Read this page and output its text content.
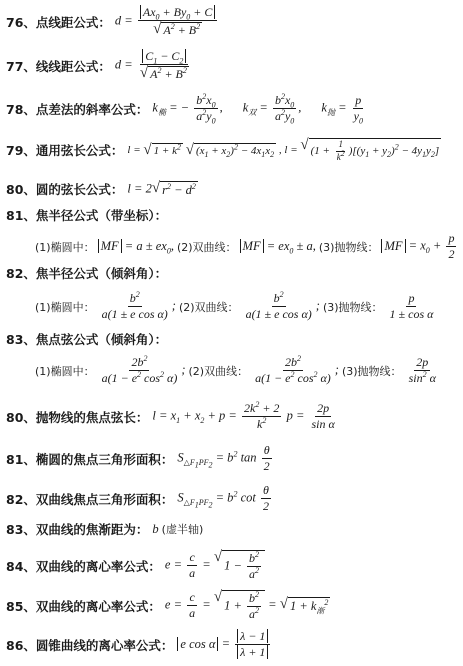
76、 点线距公式： $d = \frac{Ax_0 + By_0 + C}{√ A^2 + B^2}$
77、 线线距公式： $d = \frac{C_1 - C_2}{√ A^2 + B^2}$
78、 点差法的斜率公式： $k_椭$ = − $\frac{b^2x_0}{a^2y_0}$ , $k_双 = \frac{b^2x_0}{a^2y_0}$ , $k_抛 = \frac{p}{y_0}$
79、 通用弦长公式： l = √ $1 + k^2$
√ $(x_1 + x_2)^2 - 4x_1x_2$ , l = √ $(1 + \frac{1}{k^2} )[(y_1 + y_2)^2 - 4y_1y_2]$
80、 圆的弦长公式： l = 2 √ $r^2 - d^2$
81、 焦半径公式（带坐标）：
(1)椭圆中： MF = $a \pm ex_0$, (2)双曲线： MF = $ex_0 \pm a$, (3)抛物线： MF = $x_0 + \frac{p}{2}$
82、 焦半径公式（倾斜角）：
(1)椭圆中： $\frac{b^2}{\text{a(1 ± e cos α)}}$ ; (2)双曲线： $\frac{b^2}{\text{a(1 ± e cos α)}}$ ; (3)抛物线： $\frac{p}{\text{1 ± cos α}}$
83、 焦点弦公式（倾斜角）：
(1)椭圆中： $\frac{2b^2}{a(1 - e^2 \cos^2 \alpha)}$ ; (2)双曲线： $\frac{2b^2}{a(1 - e^2 \cos^2 \alpha)}$ ; (3)抛物线： $\frac{2p}{\sin^2 \alpha}$
80、 抛物线的焦点弦长： $l = x_1 + x_2 + p = \frac{2k^2 + 2}{k^2}$ $p = \frac{2p}{\text{sin α}}$
81、 椭圆的焦点三角形面积： $S_{\triangle F_1PF_2} = b^2$ $\tan \frac{\theta}{2}$
82、 双曲线焦点三角形面积： $S_{\triangle F_1PF_2} = b^2$ $\cot \frac{\theta}{2}$
83、 双曲线的焦渐距为： b (虚半轴)
84、 双曲线的离心率公式： $e = \frac{c}{a}$ = √
$1 - \frac{b^2}{a^2}$
85、 双曲线的离心率公式： $e = \frac{c}{a}$ = √
$1 + \frac{b^2}{a^2}$ = √ $1 + k_渐^2$
86、 圆锥曲线的离心率公式： e $\cos \alpha = \frac{\lambda - 1}{\lambda + 1}$
